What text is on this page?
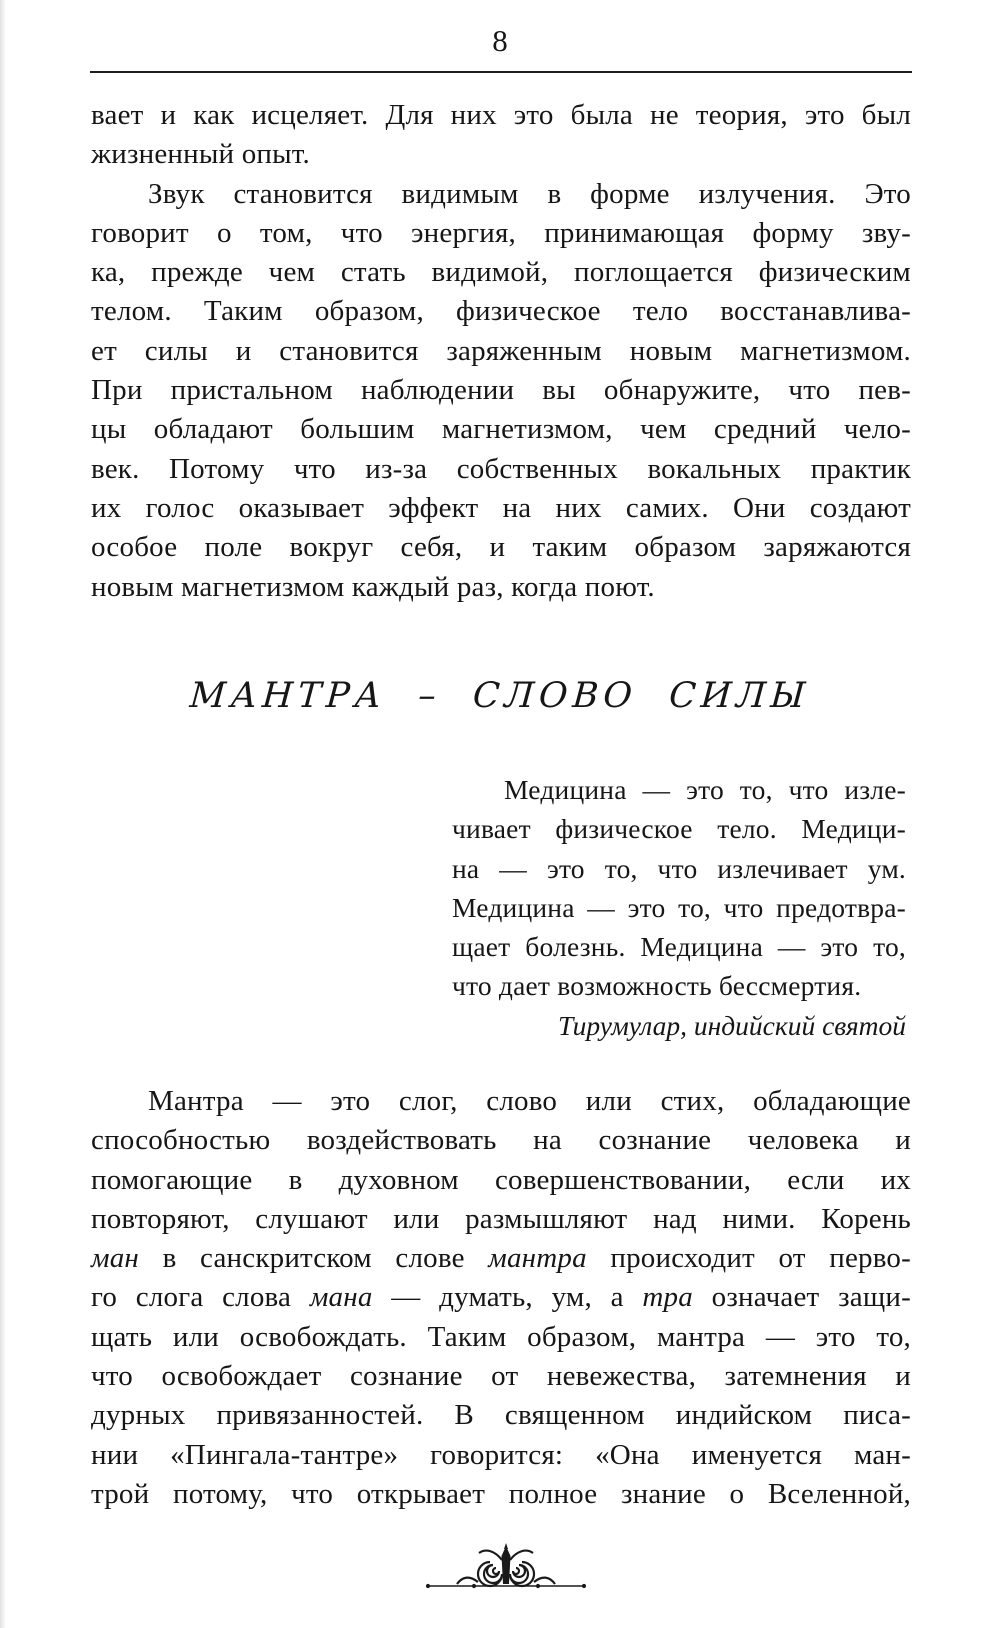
8
вает и как исцеляет. Для них это была не теория, это был
жизненный опыт.
Звук становится видимым в форме излучения. Это
говорит о том, что энергия, принимающая форму зву-
ка, прежде чем стать видимой, поглощается физическим
телом. Таким образом, физическое тело восстанавлива-
ет силы и становится заряженным новым магнетизмом.
При пристальном наблюдении вы обнаружите, что пев-
цы обладают большим магнетизмом, чем средний чело-
век. Потому что из-за собственных вокальных практик
их голос оказывает эффект на них самих. Они создают
особое поле вокруг себя, и таким образом заряжаются
новым магнетизмом каждый раз, когда поют.
МАНТРА – СЛОВО СИЛЫ
Медицина — это то, что изле-
чивает физическое тело. Медици-
на — это то, что излечивает ум.
Медицина — это то, что предотвра-
щает болезнь. Медицина — это то,
что дает возможность бессмертия.
Тирумулар, индийский святой
Мантра — это слог, слово или стих, обладающие
способностью воздействовать на сознание человека и
помогающие в духовном совершенствовании, если их
повторяют, слушают или размышляют над ними. Корень
ман в санскритском слове мантра происходит от перво-
го слога слова мана — думать, ум, а тра означает защи-
щать или освобождать. Таким образом, мантра — это то,
что освобождает сознание от невежества, затемнения и
дурных привязанностей. В священном индийском писа-
нии «Пингала-тантре» говорится: «Она именуется ман-
трой потому, что открывает полное знание о Вселенной,
